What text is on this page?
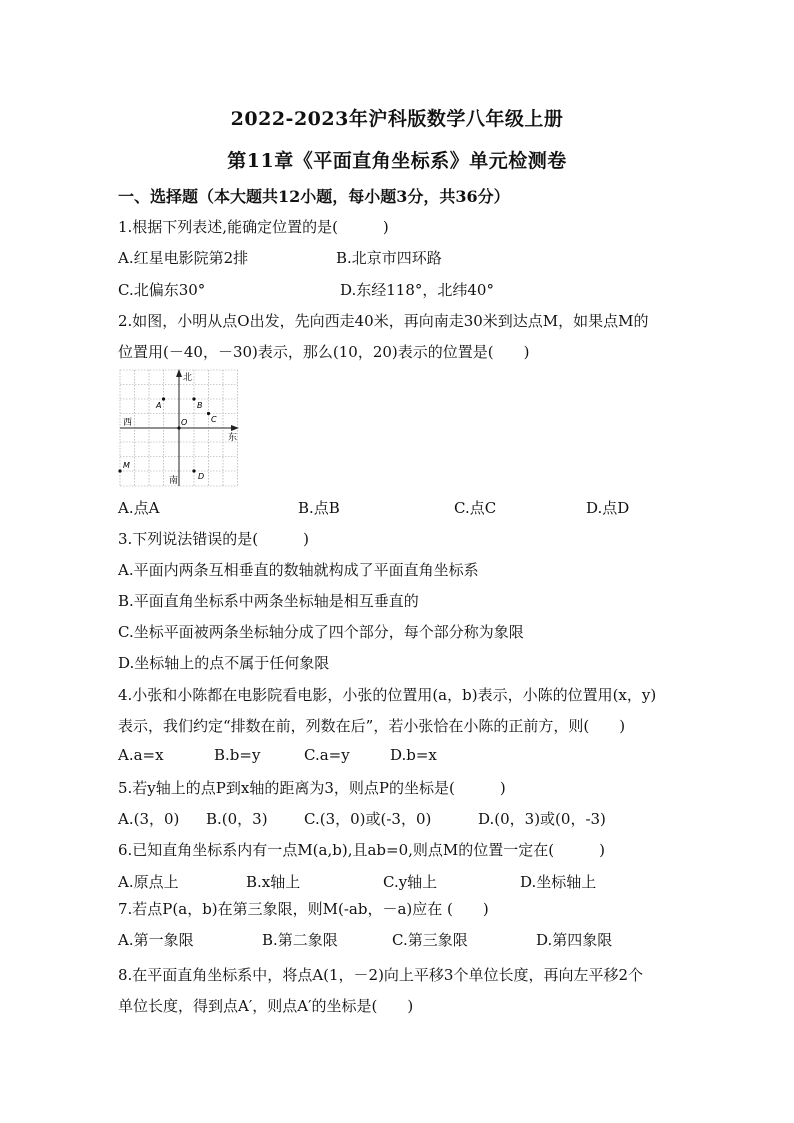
2022-2023年沪科版数学八年级上册
第11章《平面直角坐标系》单元检测卷
一、选择题（本大题共12小题，每小题3分，共36分）
1.根据下列表述,能确定位置的是(　　　)
A.红星电影院第2排	B.北京市四环路
C.北偏东30°	D.东经118°，北纬40°
2.如图，小明从点O出发，先向西走40米，再向南走30米到达点M，如果点M的
位置用(－40，－30)表示，那么(10，20)表示的位置是(　　)
北
南
西
东
O
A	B
C
D
M
A.点A	B.点B	C.点C	D.点D
3.下列说法错误的是(　　　)
A.平面内两条互相垂直的数轴就构成了平面直角坐标系
B.平面直角坐标系中两条坐标轴是相互垂直的
C.坐标平面被两条坐标轴分成了四个部分，每个部分称为象限
D.坐标轴上的点不属于任何象限
4.小张和小陈都在电影院看电影，小张的位置用(a，b)表示，小陈的位置用(x，y)
表示，我们约定“排数在前，列数在后”，若小张恰在小陈的正前方，则(　　)
A.a=x	B.b=y	C.a=y	D.b=x
5.若y轴上的点P到x轴的距离为3，则点P的坐标是(　　　)
A.(3，0) B.(0，3) C.(3，0)或(-3，0)	D.(0，3)或(0，-3)
6.已知直角坐标系内有一点M(a,b),且ab=0,则点M的位置一定在(　　　)
A.原点上	B.x轴上	C.y轴上	D.坐标轴上
7.若点P(a，b)在第三象限，则M(-ab，－a)应在 (　　)
A.第一象限	B.第二象限	C.第三象限	D.第四象限
8.在平面直角坐标系中，将点A(1，－2)向上平移3个单位长度，再向左平移2个
单位长度，得到点A′，则点A′的坐标是(　　)
